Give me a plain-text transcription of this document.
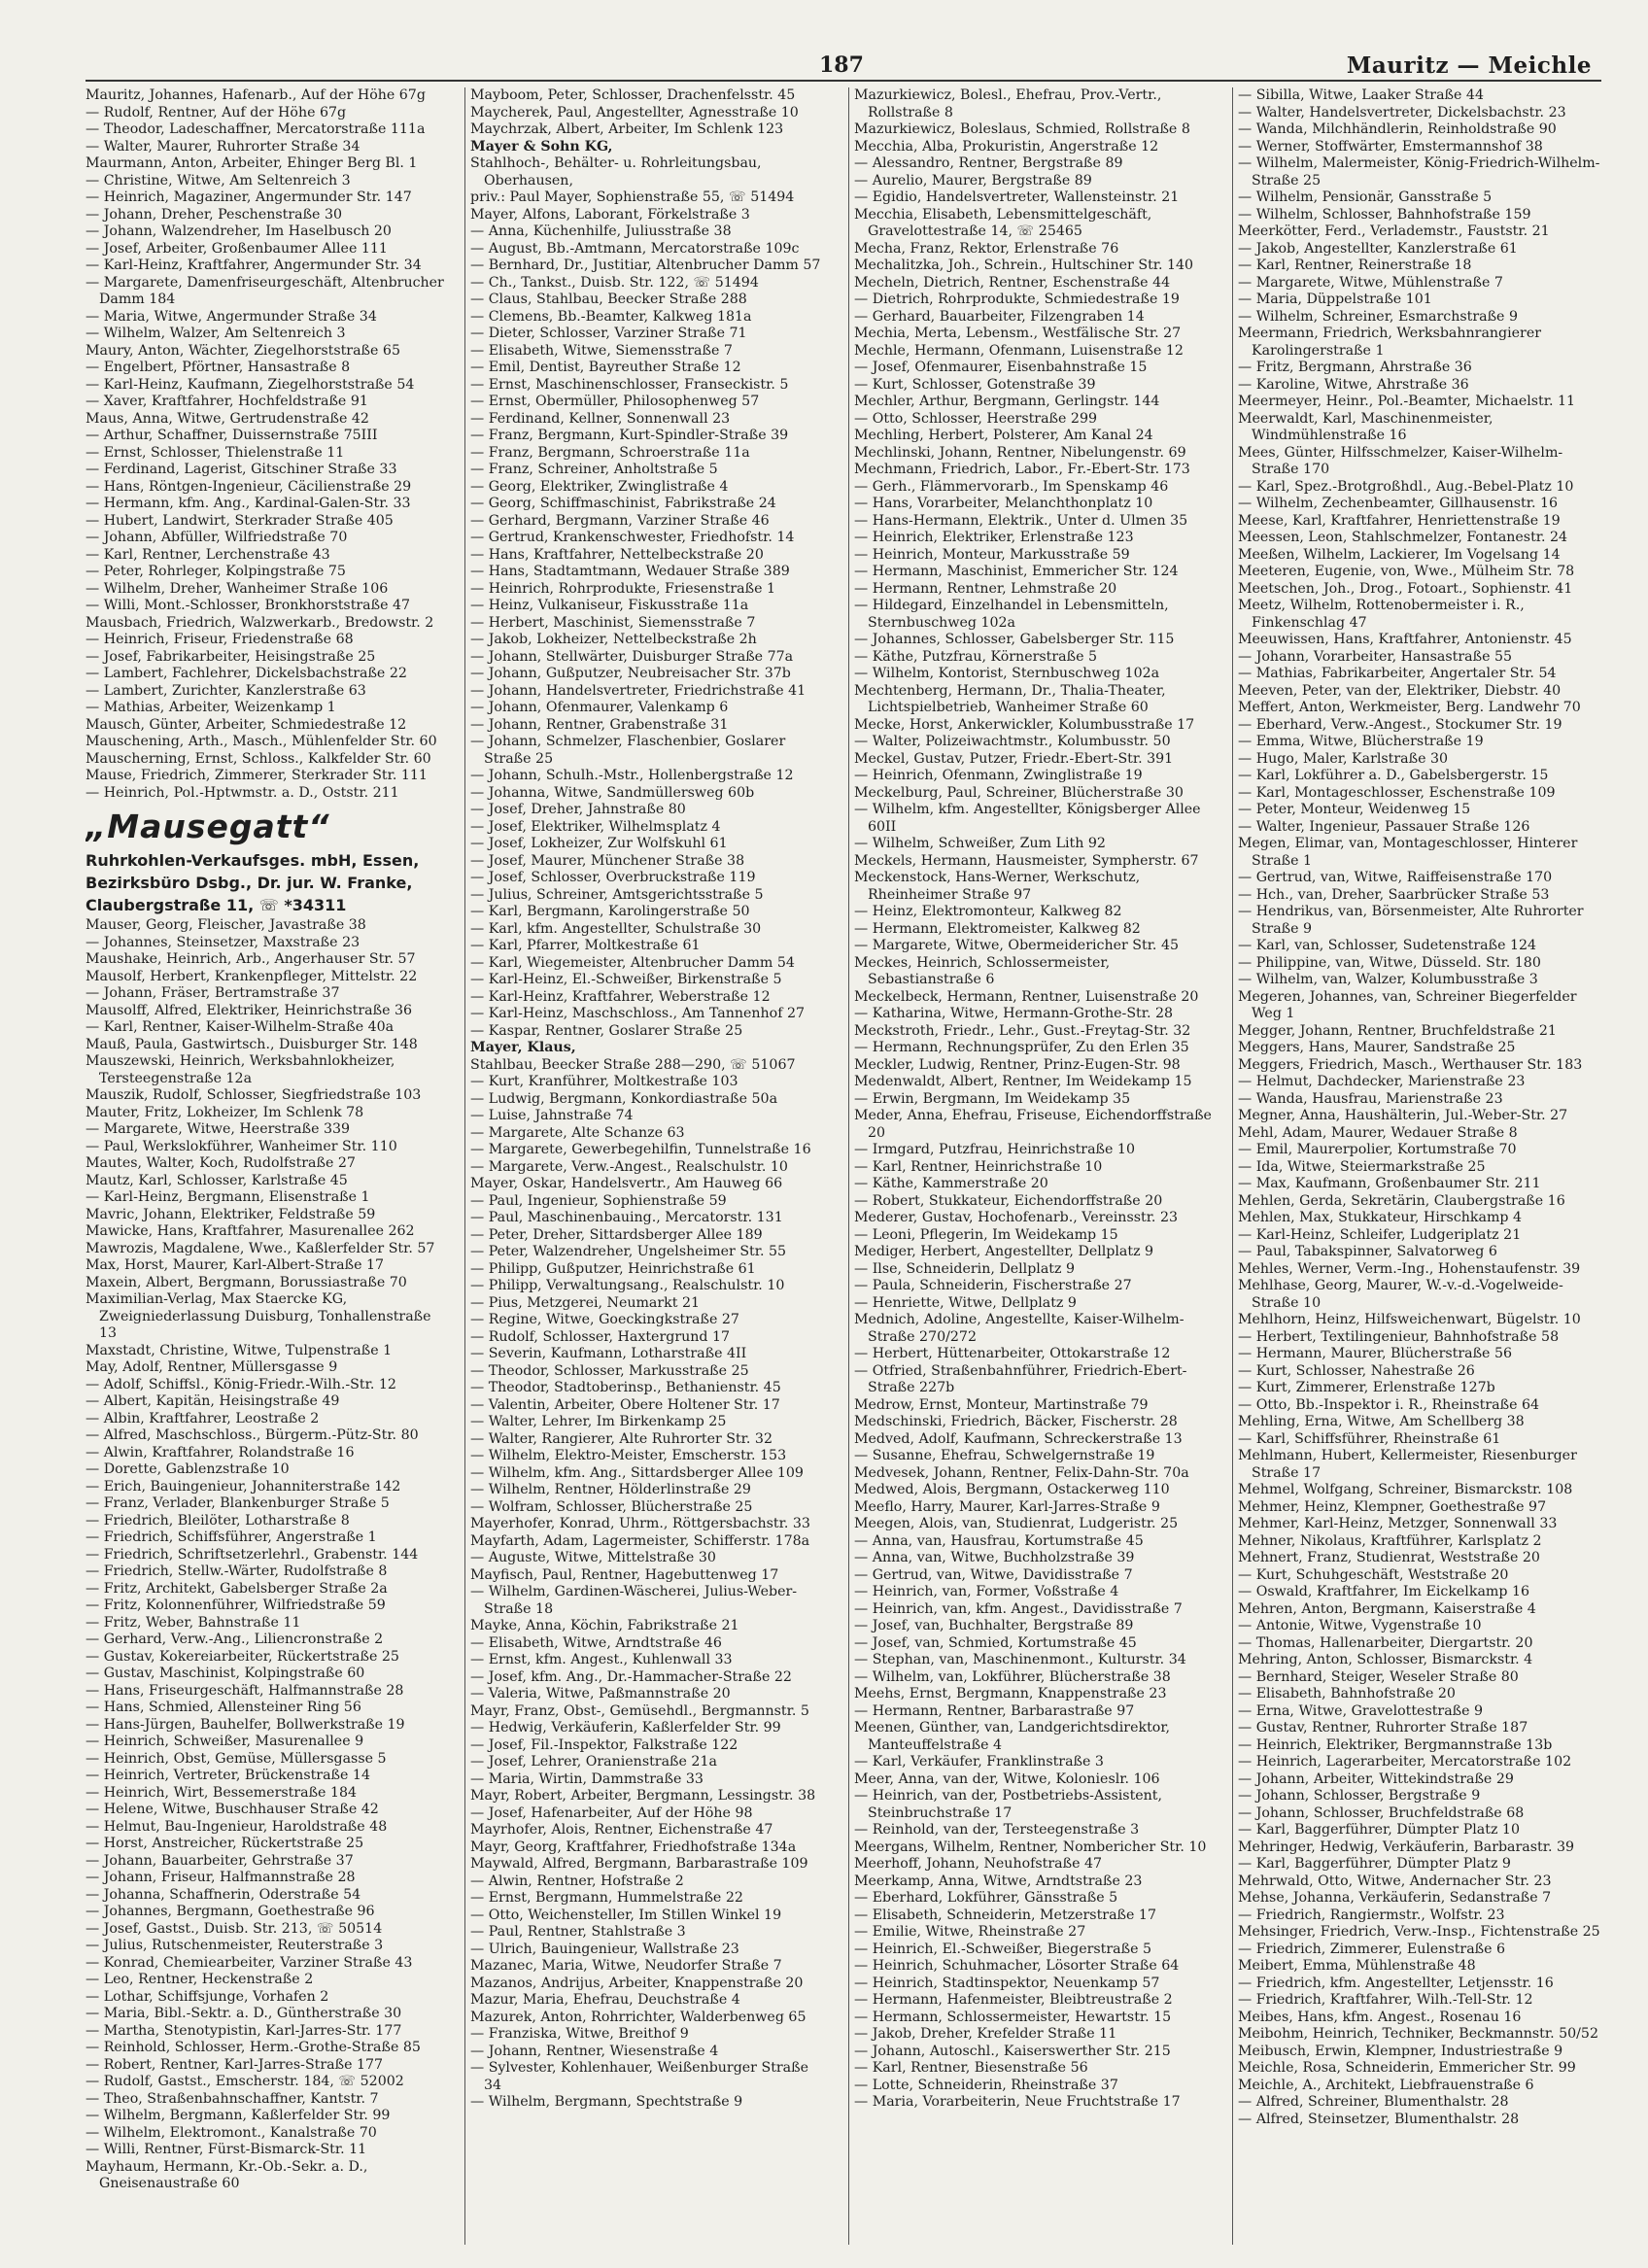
187	Mauritz — Meichle
Mauritz, Johannes, Hafenarb., Auf der Höhe 67g
— Rudolf, Rentner, Auf der Höhe 67g
— Theodor, Ladeschaffner, Mercatorstraße 111a
— Walter, Maurer, Ruhrorter Straße 34
Maurmann, Anton, Arbeiter, Ehinger Berg Bl. 1
— Christine, Witwe, Am Seltenreich 3
— Heinrich, Magaziner, Angermunder Str. 147
— Johann, Dreher, Peschenstraße 30
— Johann, Walzendreher, Im Haselbusch 20
— Josef, Arbeiter, Großenbaumer Allee 111
— Karl-Heinz, Kraftfahrer, Angermunder Str. 34
— Margarete, Damenfriseurgeschäft, Altenbrucher Damm 184
— Maria, Witwe, Angermunder Straße 34
— Wilhelm, Walzer, Am Seltenreich 3
Maury, Anton, Wächter, Ziegelhorststraße 65
— Engelbert, Pförtner, Hansastraße 8
— Karl-Heinz, Kaufmann, Ziegelhorststraße 54
— Xaver, Kraftfahrer, Hochfeldstraße 91
Maus, Anna, Witwe, Gertrudenstraße 42
— Arthur, Schaffner, Duissernstraße 75III
— Ernst, Schlosser, Thielenstraße 11
— Ferdinand, Lagerist, Gitschiner Straße 33
— Hans, Röntgen-Ingenieur, Cäcilienstraße 29
— Hermann, kfm. Ang., Kardinal-Galen-Str. 33
— Hubert, Landwirt, Sterkrader Straße 405
— Johann, Abfüller, Wilfriedstraße 70
— Karl, Rentner, Lerchenstraße 43
— Peter, Rohrleger, Kolpingstraße 75
— Wilhelm, Dreher, Wanheimer Straße 106
— Willi, Mont.-Schlosser, Bronkhorststraße 47
Mausbach, Friedrich, Walzwerkarb., Bredowstr. 2
— Heinrich, Friseur, Friedenstraße 68
— Josef, Fabrikarbeiter, Heisingstraße 25
— Lambert, Fachlehrer, Dickelsbachstraße 22
— Lambert, Zurichter, Kanzlerstraße 63
— Mathias, Arbeiter, Weizenkamp 1
Mausch, Günter, Arbeiter, Schmiedestraße 12
Mauschening, Arth., Masch., Mühlenfelder Str. 60
Mauscherning, Ernst, Schloss., Kalkfelder Str. 60
Mause, Friedrich, Zimmerer, Sterkrader Str. 111
— Heinrich, Pol.-Hptwmstr. a. D., Oststr. 211
„Mausegatt“
Ruhrkohlen-Verkaufsges. mbH, Essen,
Bezirksbüro Dsbg., Dr. jur. W. Franke,
Claubergstraße 11, ☏ *34311
Mauser, Georg, Fleischer, Javastraße 38
— Johannes, Steinsetzer, Maxstraße 23
Maushake, Heinrich, Arb., Angerhauser Str. 57
Mausolf, Herbert, Krankenpfleger, Mittelstr. 22
— Johann, Fräser, Bertramstraße 37
Mausolff, Alfred, Elektriker, Heinrichstraße 36
— Karl, Rentner, Kaiser-Wilhelm-Straße 40a
Mauß, Paula, Gastwirtsch., Duisburger Str. 148
Mauszewski, Heinrich, Werksbahnlokheizer, Tersteegenstraße 12a
Mauszik, Rudolf, Schlosser, Siegfriedstraße 103
Mauter, Fritz, Lokheizer, Im Schlenk 78
— Margarete, Witwe, Heerstraße 339
— Paul, Werkslokführer, Wanheimer Str. 110
Mautes, Walter, Koch, Rudolfstraße 27
Mautz, Karl, Schlosser, Karlstraße 45
— Karl-Heinz, Bergmann, Elisenstraße 1
Mavric, Johann, Elektriker, Feldstraße 59
Mawicke, Hans, Kraftfahrer, Masurenallee 262
Mawrozis, Magdalene, Wwe., Kaßlerfelder Str. 57
Max, Horst, Maurer, Karl-Albert-Straße 17
Maxein, Albert, Bergmann, Borussiastraße 70
Maximilian-Verlag, Max Staercke KG, Zweigniederlassung Duisburg, Tonhallenstraße 13
Maxstadt, Christine, Witwe, Tulpenstraße 1
May, Adolf, Rentner, Müllersgasse 9
— Adolf, Schiffsl., König-Friedr.-Wilh.-Str. 12
— Albert, Kapitän, Heisingstraße 49
— Albin, Kraftfahrer, Leostraße 2
— Alfred, Maschschloss., Bürgerm.-Pütz-Str. 80
— Alwin, Kraftfahrer, Rolandstraße 16
— Dorette, Gablenzstraße 10
— Erich, Bauingenieur, Johanniterstraße 142
— Franz, Verlader, Blankenburger Straße 5
— Friedrich, Bleilöter, Lotharstraße 8
— Friedrich, Schiffsführer, Angerstraße 1
— Friedrich, Schriftsetzerlehrl., Grabenstr. 144
— Friedrich, Stellw.-Wärter, Rudolfstraße 8
— Fritz, Architekt, Gabelsberger Straße 2a
— Fritz, Kolonnenführer, Wilfriedstraße 59
— Fritz, Weber, Bahnstraße 11
— Gerhard, Verw.-Ang., Liliencronstraße 2
— Gustav, Kokereiarbeiter, Rückertstraße 25
— Gustav, Maschinist, Kolpingstraße 60
— Hans, Friseurgeschäft, Halfmannstraße 28
— Hans, Schmied, Allensteiner Ring 56
— Hans-Jürgen, Bauhelfer, Bollwerkstraße 19
— Heinrich, Schweißer, Masurenallee 9
— Heinrich, Obst, Gemüse, Müllersgasse 5
— Heinrich, Vertreter, Brückenstraße 14
— Heinrich, Wirt, Bessemerstraße 184
— Helene, Witwe, Buschhauser Straße 42
— Helmut, Bau-Ingenieur, Haroldstraße 48
— Horst, Anstreicher, Rückertstraße 25
— Johann, Bauarbeiter, Gehrstraße 37
— Johann, Friseur, Halfmannstraße 28
— Johanna, Schaffnerin, Oderstraße 54
— Johannes, Bergmann, Goethestraße 96
— Josef, Gastst., Duisb. Str. 213, ☏ 50514
— Julius, Rutschenmeister, Reuterstraße 3
— Konrad, Chemiearbeiter, Varziner Straße 43
— Leo, Rentner, Heckenstraße 2
— Lothar, Schiffsjunge, Vorhafen 2
— Maria, Bibl.-Sektr. a. D., Güntherstraße 30
— Martha, Stenotypistin, Karl-Jarres-Str. 177
— Reinhold, Schlosser, Herm.-Grothe-Straße 85
— Robert, Rentner, Karl-Jarres-Straße 177
— Rudolf, Gastst., Emscherstr. 184, ☏ 52002
— Theo, Straßenbahnschaffner, Kantstr. 7
— Wilhelm, Bergmann, Kaßlerfelder Str. 99
— Wilhelm, Elektromont., Kanalstraße 70
— Willi, Rentner, Fürst-Bismarck-Str. 11
Mayhaum, Hermann, Kr.-Ob.-Sekr. a. D., Gneisenaustraße 60
Mayboom, Peter, Schlosser, Drachenfelsstr. 45
Maycherek, Paul, Angestellter, Agnesstraße 10
Maychrzak, Albert, Arbeiter, Im Schlenk 123
Mayer & Sohn KG,
Stahlhoch-, Behälter- u. Rohrleitungsbau, Oberhausen,
priv.: Paul Mayer, Sophienstraße 55, ☏ 51494
Mayer, Alfons, Laborant, Förkelstraße 3
— Anna, Küchenhilfe, Juliusstraße 38
— August, Bb.-Amtmann, Mercatorstraße 109c
— Bernhard, Dr., Justitiar, Altenbrucher Damm 57
— Ch., Tankst., Duisb. Str. 122, ☏ 51494
— Claus, Stahlbau, Beecker Straße 288
— Clemens, Bb.-Beamter, Kalkweg 181a
— Dieter, Schlosser, Varziner Straße 71
— Elisabeth, Witwe, Siemensstraße 7
— Emil, Dentist, Bayreuther Straße 12
— Ernst, Maschinenschlosser, Franseckistr. 5
— Ernst, Obermüller, Philosophenweg 57
— Ferdinand, Kellner, Sonnenwall 23
— Franz, Bergmann, Kurt-Spindler-Straße 39
— Franz, Bergmann, Schroerstraße 11a
— Franz, Schreiner, Anholtstraße 5
— Georg, Elektriker, Zwinglistraße 4
— Georg, Schiffmaschinist, Fabrikstraße 24
— Gerhard, Bergmann, Varziner Straße 46
— Gertrud, Krankenschwester, Friedhofstr. 14
— Hans, Kraftfahrer, Nettelbeckstraße 20
— Hans, Stadtamtmann, Wedauer Straße 389
— Heinrich, Rohrprodukte, Friesenstraße 1
— Heinz, Vulkaniseur, Fiskusstraße 11a
— Herbert, Maschinist, Siemensstraße 7
— Jakob, Lokheizer, Nettelbeckstraße 2h
— Johann, Stellwärter, Duisburger Straße 77a
— Johann, Gußputzer, Neubreisacher Str. 37b
— Johann, Handelsvertreter, Friedrichstraße 41
— Johann, Ofenmaurer, Valenkamp 6
— Johann, Rentner, Grabenstraße 31
— Johann, Schmelzer, Flaschenbier, Goslarer Straße 25
— Johann, Schulh.-Mstr., Hollenbergstraße 12
— Johanna, Witwe, Sandmüllersweg 60b
— Josef, Dreher, Jahnstraße 80
— Josef, Elektriker, Wilhelmsplatz 4
— Josef, Lokheizer, Zur Wolfskuhl 61
— Josef, Maurer, Münchener Straße 38
— Josef, Schlosser, Overbruckstraße 119
— Julius, Schreiner, Amtsgerichtsstraße 5
— Karl, Bergmann, Karolingerstraße 50
— Karl, kfm. Angestellter, Schulstraße 30
— Karl, Pfarrer, Moltkestraße 61
— Karl, Wiegemeister, Altenbrucher Damm 54
— Karl-Heinz, El.-Schweißer, Birkenstraße 5
— Karl-Heinz, Kraftfahrer, Weberstraße 12
— Karl-Heinz, Maschschloss., Am Tannenhof 27
— Kaspar, Rentner, Goslarer Straße 25
Mayer, Klaus,
Stahlbau, Beecker Straße 288—290, ☏ 51067
— Kurt, Kranführer, Moltkestraße 103
— Ludwig, Bergmann, Konkordiastraße 50a
— Luise, Jahnstraße 74
— Margarete, Alte Schanze 63
— Margarete, Gewerbegehilfin, Tunnelstraße 16
— Margarete, Verw.-Angest., Realschulstr. 10
Mayer, Oskar, Handelsvertr., Am Hauweg 66
— Paul, Ingenieur, Sophienstraße 59
— Paul, Maschinenbauing., Mercatorstr. 131
— Peter, Dreher, Sittardsberger Allee 189
— Peter, Walzendreher, Ungelsheimer Str. 55
— Philipp, Gußputzer, Heinrichstraße 61
— Philipp, Verwaltungsang., Realschulstr. 10
— Pius, Metzgerei, Neumarkt 21
— Regine, Witwe, Goeckingkstraße 27
— Rudolf, Schlosser, Haxtergrund 17
— Severin, Kaufmann, Lotharstraße 4II
— Theodor, Schlosser, Markusstraße 25
— Theodor, Stadtoberinsp., Bethanienstr. 45
— Valentin, Arbeiter, Obere Holtener Str. 17
— Walter, Lehrer, Im Birkenkamp 25
— Walter, Rangierer, Alte Ruhrorter Str. 32
— Wilhelm, Elektro-Meister, Emscherstr. 153
— Wilhelm, kfm. Ang., Sittardsberger Allee 109
— Wilhelm, Rentner, Hölderlinstraße 29
— Wolfram, Schlosser, Blücherstraße 25
Mayerhofer, Konrad, Uhrm., Röttgersbachstr. 33
Mayfarth, Adam, Lagermeister, Schifferstr. 178a
— Auguste, Witwe, Mittelstraße 30
Mayfisch, Paul, Rentner, Hagebuttenweg 17
— Wilhelm, Gardinen-Wäscherei, Julius-Weber-Straße 18
Mayke, Anna, Köchin, Fabrikstraße 21
— Elisabeth, Witwe, Arndtstraße 46
— Ernst, kfm. Angest., Kuhlenwall 33
— Josef, kfm. Ang., Dr.-Hammacher-Straße 22
— Valeria, Witwe, Paßmannstraße 20
Mayr, Franz, Obst-, Gemüsehdl., Bergmannstr. 5
— Hedwig, Verkäuferin, Kaßlerfelder Str. 99
— Josef, Fil.-Inspektor, Falkstraße 122
— Josef, Lehrer, Oranienstraße 21a
— Maria, Wirtin, Dammstraße 33
Mayr, Robert, Arbeiter, Bergmann, Lessingstr. 38
— Josef, Hafenarbeiter, Auf der Höhe 98
Mayrhofer, Alois, Rentner, Eichenstraße 47
Mayr, Georg, Kraftfahrer, Friedhofstraße 134a
Maywald, Alfred, Bergmann, Barbarastraße 109
— Alwin, Rentner, Hofstraße 2
— Ernst, Bergmann, Hummelstraße 22
— Otto, Weichensteller, Im Stillen Winkel 19
— Paul, Rentner, Stahlstraße 3
— Ulrich, Bauingenieur, Wallstraße 23
Mazanec, Maria, Witwe, Neudorfer Straße 7
Mazanos, Andrijus, Arbeiter, Knappenstraße 20
Mazur, Maria, Ehefrau, Deuchstraße 4
Mazurek, Anton, Rohrrichter, Walderbenweg 65
— Franziska, Witwe, Breithof 9
— Johann, Rentner, Wiesenstraße 4
— Sylvester, Kohlenhauer, Weißenburger Straße 34
— Wilhelm, Bergmann, Spechtstraße 9
Mazurkiewicz, Bolesl., Ehefrau, Prov.-Vertr., Rollstraße 8
Mazurkiewicz, Boleslaus, Schmied, Rollstraße 8
Mecchia, Alba, Prokuristin, Angerstraße 12
— Alessandro, Rentner, Bergstraße 89
— Aurelio, Maurer, Bergstraße 89
— Egidio, Handelsvertreter, Wallensteinstr. 21
Mecchia, Elisabeth, Lebensmittelgeschäft, Gravelottestraße 14, ☏ 25465
Mecha, Franz, Rektor, Erlenstraße 76
Mechalitzka, Joh., Schrein., Hultschiner Str. 140
Mecheln, Dietrich, Rentner, Eschenstraße 44
— Dietrich, Rohrprodukte, Schmiedestraße 19
— Gerhard, Bauarbeiter, Filzengraben 14
Mechia, Merta, Lebensm., Westfälische Str. 27
Mechle, Hermann, Ofenmann, Luisenstraße 12
— Josef, Ofenmaurer, Eisenbahnstraße 15
— Kurt, Schlosser, Gotenstraße 39
Mechler, Arthur, Bergmann, Gerlingstr. 144
— Otto, Schlosser, Heerstraße 299
Mechling, Herbert, Polsterer, Am Kanal 24
Mechlinski, Johann, Rentner, Nibelungenstr. 69
Mechmann, Friedrich, Labor., Fr.-Ebert-Str. 173
— Gerh., Flämmervorarb., Im Spenskamp 46
— Hans, Vorarbeiter, Melanchthonplatz 10
— Hans-Hermann, Elektrik., Unter d. Ulmen 35
— Heinrich, Elektriker, Erlenstraße 123
— Heinrich, Monteur, Markusstraße 59
— Hermann, Maschinist, Emmericher Str. 124
— Hermann, Rentner, Lehmstraße 20
— Hildegard, Einzelhandel in Lebensmitteln, Sternbuschweg 102a
— Johannes, Schlosser, Gabelsberger Str. 115
— Käthe, Putzfrau, Körnerstraße 5
— Wilhelm, Kontorist, Sternbuschweg 102a
Mechtenberg, Hermann, Dr., Thalia-Theater, Lichtspielbetrieb, Wanheimer Straße 60
Mecke, Horst, Ankerwickler, Kolumbusstraße 17
— Walter, Polizeiwachtmstr., Kolumbusstr. 50
Meckel, Gustav, Putzer, Friedr.-Ebert-Str. 391
— Heinrich, Ofenmann, Zwinglistraße 19
Meckelburg, Paul, Schreiner, Blücherstraße 30
— Wilhelm, kfm. Angestellter, Königsberger Allee 60II
— Wilhelm, Schweißer, Zum Lith 92
Meckels, Hermann, Hausmeister, Sympherstr. 67
Meckenstock, Hans-Werner, Werkschutz, Rheinheimer Straße 97
— Heinz, Elektromonteur, Kalkweg 82
— Hermann, Elektromeister, Kalkweg 82
— Margarete, Witwe, Obermeidericher Str. 45
Meckes, Heinrich, Schlossermeister, Sebastianstraße 6
Meckelbeck, Hermann, Rentner, Luisenstraße 20
— Katharina, Witwe, Hermann-Grothe-Str. 28
Meckstroth, Friedr., Lehr., Gust.-Freytag-Str. 32
— Hermann, Rechnungsprüfer, Zu den Erlen 35
Meckler, Ludwig, Rentner, Prinz-Eugen-Str. 98
Medenwaldt, Albert, Rentner, Im Weidekamp 15
— Erwin, Bergmann, Im Weidekamp 35
Meder, Anna, Ehefrau, Friseuse, Eichendorffstraße 20
— Irmgard, Putzfrau, Heinrichstraße 10
— Karl, Rentner, Heinrichstraße 10
— Käthe, Kammerstraße 20
— Robert, Stukkateur, Eichendorffstraße 20
Mederer, Gustav, Hochofenarb., Vereinsstr. 23
— Leoni, Pflegerin, Im Weidekamp 15
Mediger, Herbert, Angestellter, Dellplatz 9
— Ilse, Schneiderin, Dellplatz 9
— Paula, Schneiderin, Fischerstraße 27
— Henriette, Witwe, Dellplatz 9
Mednich, Adoline, Angestellte, Kaiser-Wilhelm-Straße 270/272
— Herbert, Hüttenarbeiter, Ottokarstraße 12
— Otfried, Straßenbahnführer, Friedrich-Ebert-Straße 227b
Medrow, Ernst, Monteur, Martinstraße 79
Medschinski, Friedrich, Bäcker, Fischerstr. 28
Medved, Adolf, Kaufmann, Schreckerstraße 13
— Susanne, Ehefrau, Schwelgernstraße 19
Medvesek, Johann, Rentner, Felix-Dahn-Str. 70a
Medwed, Alois, Bergmann, Ostackerweg 110
Meeflo, Harry, Maurer, Karl-Jarres-Straße 9
Meegen, Alois, van, Studienrat, Ludgeristr. 25
— Anna, van, Hausfrau, Kortumstraße 45
— Anna, van, Witwe, Buchholzstraße 39
— Gertrud, van, Witwe, Davidisstraße 7
— Heinrich, van, Former, Voßstraße 4
— Heinrich, van, kfm. Angest., Davidisstraße 7
— Josef, van, Buchhalter, Bergstraße 89
— Josef, van, Schmied, Kortumstraße 45
— Stephan, van, Maschinenmont., Kulturstr. 34
— Wilhelm, van, Lokführer, Blücherstraße 38
Meehs, Ernst, Bergmann, Knappenstraße 23
— Hermann, Rentner, Barbarastraße 97
Meenen, Günther, van, Landgerichtsdirektor, Manteuffelstraße 4
— Karl, Verkäufer, Franklinstraße 3
Meer, Anna, van der, Witwe, Kolonieslr. 106
— Heinrich, van der, Postbetriebs-Assistent, Steinbruchstraße 17
— Reinhold, van der, Tersteegenstraße 3
Meergans, Wilhelm, Rentner, Nombericher Str. 10
Meerhoff, Johann, Neuhofstraße 47
Meerkamp, Anna, Witwe, Arndtstraße 23
— Eberhard, Lokführer, Gänsstraße 5
— Elisabeth, Schneiderin, Metzerstraße 17
— Emilie, Witwe, Rheinstraße 27
— Heinrich, El.-Schweißer, Biegerstraße 5
— Heinrich, Schuhmacher, Lösorter Straße 64
— Heinrich, Stadtinspektor, Neuenkamp 57
— Hermann, Hafenmeister, Bleibtreustraße 2
— Hermann, Schlossermeister, Hewartstr. 15
— Jakob, Dreher, Krefelder Straße 11
— Johann, Autoschl., Kaiserswerther Str. 215
— Karl, Rentner, Biesenstraße 56
— Lotte, Schneiderin, Rheinstraße 37
— Maria, Vorarbeiterin, Neue Fruchtstraße 17
— Sibilla, Witwe, Laaker Straße 44
— Walter, Handelsvertreter, Dickelsbachstr. 23
— Wanda, Milchhändlerin, Reinholdstraße 90
— Werner, Stoffwärter, Emstermannshof 38
— Wilhelm, Malermeister, König-Friedrich-Wilhelm-Straße 25
— Wilhelm, Pensionär, Gansstraße 5
— Wilhelm, Schlosser, Bahnhofstraße 159
Meerkötter, Ferd., Verlademstr., Fauststr. 21
— Jakob, Angestellter, Kanzlerstraße 61
— Karl, Rentner, Reinerstraße 18
— Margarete, Witwe, Mühlenstraße 7
— Maria, Düppelstraße 101
— Wilhelm, Schreiner, Esmarchstraße 9
Meermann, Friedrich, Werksbahnrangierer Karolingerstraße 1
— Fritz, Bergmann, Ahrstraße 36
— Karoline, Witwe, Ahrstraße 36
Meermeyer, Heinr., Pol.-Beamter, Michaelstr. 11
Meerwaldt, Karl, Maschinenmeister, Windmühlenstraße 16
Mees, Günter, Hilfsschmelzer, Kaiser-Wilhelm-Straße 170
— Karl, Spez.-Brotgroßhdl., Aug.-Bebel-Platz 10
— Wilhelm, Zechenbeamter, Gillhausenstr. 16
Meese, Karl, Kraftfahrer, Henriettenstraße 19
Meessen, Leon, Stahlschmelzer, Fontanestr. 24
Meeßen, Wilhelm, Lackierer, Im Vogelsang 14
Meeteren, Eugenie, von, Wwe., Mülheim Str. 78
Meetschen, Joh., Drog., Fotoart., Sophienstr. 41
Meetz, Wilhelm, Rottenobermeister i. R., Finkenschlag 47
Meeuwissen, Hans, Kraftfahrer, Antonienstr. 45
— Johann, Vorarbeiter, Hansastraße 55
— Mathias, Fabrikarbeiter, Angertaler Str. 54
Meeven, Peter, van der, Elektriker, Diebstr. 40
Meffert, Anton, Werkmeister, Berg. Landwehr 70
— Eberhard, Verw.-Angest., Stockumer Str. 19
— Emma, Witwe, Blücherstraße 19
— Hugo, Maler, Karlstraße 30
— Karl, Lokführer a. D., Gabelsbergerstr. 15
— Karl, Montageschlosser, Eschenstraße 109
— Peter, Monteur, Weidenweg 15
— Walter, Ingenieur, Passauer Straße 126
Megen, Elimar, van, Montageschlosser, Hinterer Straße 1
— Gertrud, van, Witwe, Raiffeisenstraße 170
— Hch., van, Dreher, Saarbrücker Straße 53
— Hendrikus, van, Börsenmeister, Alte Ruhrorter Straße 9
— Karl, van, Schlosser, Sudetenstraße 124
— Philippine, van, Witwe, Düsseld. Str. 180
— Wilhelm, van, Walzer, Kolumbusstraße 3
Megeren, Johannes, van, Schreiner Biegerfelder Weg 1
Megger, Johann, Rentner, Bruchfeldstraße 21
Meggers, Hans, Maurer, Sandstraße 25
Meggers, Friedrich, Masch., Werthauser Str. 183
— Helmut, Dachdecker, Marienstraße 23
— Wanda, Hausfrau, Marienstraße 23
Megner, Anna, Haushälterin, Jul.-Weber-Str. 27
Mehl, Adam, Maurer, Wedauer Straße 8
— Emil, Maurerpolier, Kortumstraße 70
— Ida, Witwe, Steiermarkstraße 25
— Max, Kaufmann, Großenbaumer Str. 211
Mehlen, Gerda, Sekretärin, Claubergstraße 16
Mehlen, Max, Stukkateur, Hirschkamp 4
— Karl-Heinz, Schleifer, Ludgeriplatz 21
— Paul, Tabakspinner, Salvatorweg 6
Mehles, Werner, Verm.-Ing., Hohenstaufenstr. 39
Mehlhase, Georg, Maurer, W.-v.-d.-Vogelweide-Straße 10
Mehlhorn, Heinz, Hilfsweichenwart, Bügelstr. 10
— Herbert, Textilingenieur, Bahnhofstraße 58
— Hermann, Maurer, Blücherstraße 56
— Kurt, Schlosser, Nahestraße 26
— Kurt, Zimmerer, Erlenstraße 127b
— Otto, Bb.-Inspektor i. R., Rheinstraße 64
Mehling, Erna, Witwe, Am Schellberg 38
— Karl, Schiffsführer, Rheinstraße 61
Mehlmann, Hubert, Kellermeister, Riesenburger Straße 17
Mehmel, Wolfgang, Schreiner, Bismarckstr. 108
Mehmer, Heinz, Klempner, Goethestraße 97
Mehmer, Karl-Heinz, Metzger, Sonnenwall 33
Mehner, Nikolaus, Kraftführer, Karlsplatz 2
Mehnert, Franz, Studienrat, Weststraße 20
— Kurt, Schuhgeschäft, Weststraße 20
— Oswald, Kraftfahrer, Im Eickelkamp 16
Mehren, Anton, Bergmann, Kaiserstraße 4
— Antonie, Witwe, Vygenstraße 10
— Thomas, Hallenarbeiter, Diergartstr. 20
Mehring, Anton, Schlosser, Bismarckstr. 4
— Bernhard, Steiger, Weseler Straße 80
— Elisabeth, Bahnhofstraße 20
— Erna, Witwe, Gravelottestraße 9
— Gustav, Rentner, Ruhrorter Straße 187
— Heinrich, Elektriker, Bergmannstraße 13b
— Heinrich, Lagerarbeiter, Mercatorstraße 102
— Johann, Arbeiter, Wittekindstraße 29
— Johann, Schlosser, Bergstraße 9
— Johann, Schlosser, Bruchfeldstraße 68
— Karl, Baggerführer, Dümpter Platz 10
Mehringer, Hedwig, Verkäuferin, Barbarastr. 39
— Karl, Baggerführer, Dümpter Platz 9
Mehrwald, Otto, Witwe, Andernacher Str. 23
Mehse, Johanna, Verkäuferin, Sedanstraße 7
— Friedrich, Rangiermstr., Wolfstr. 23
Mehsinger, Friedrich, Verw.-Insp., Fichtenstraße 25
— Friedrich, Zimmerer, Eulenstraße 6
Meibert, Emma, Mühlenstraße 48
— Friedrich, kfm. Angestellter, Letjensstr. 16
— Friedrich, Kraftfahrer, Wilh.-Tell-Str. 12
Meibes, Hans, kfm. Angest., Rosenau 16
Meibohm, Heinrich, Techniker, Beckmannstr. 50/52
Meibusch, Erwin, Klempner, Industriestraße 9
Meichle, Rosa, Schneiderin, Emmericher Str. 99
Meichle, A., Architekt, Liebfrauenstraße 6
— Alfred, Schreiner, Blumenthalstr. 28
— Alfred, Steinsetzer, Blumenthalstr. 28
